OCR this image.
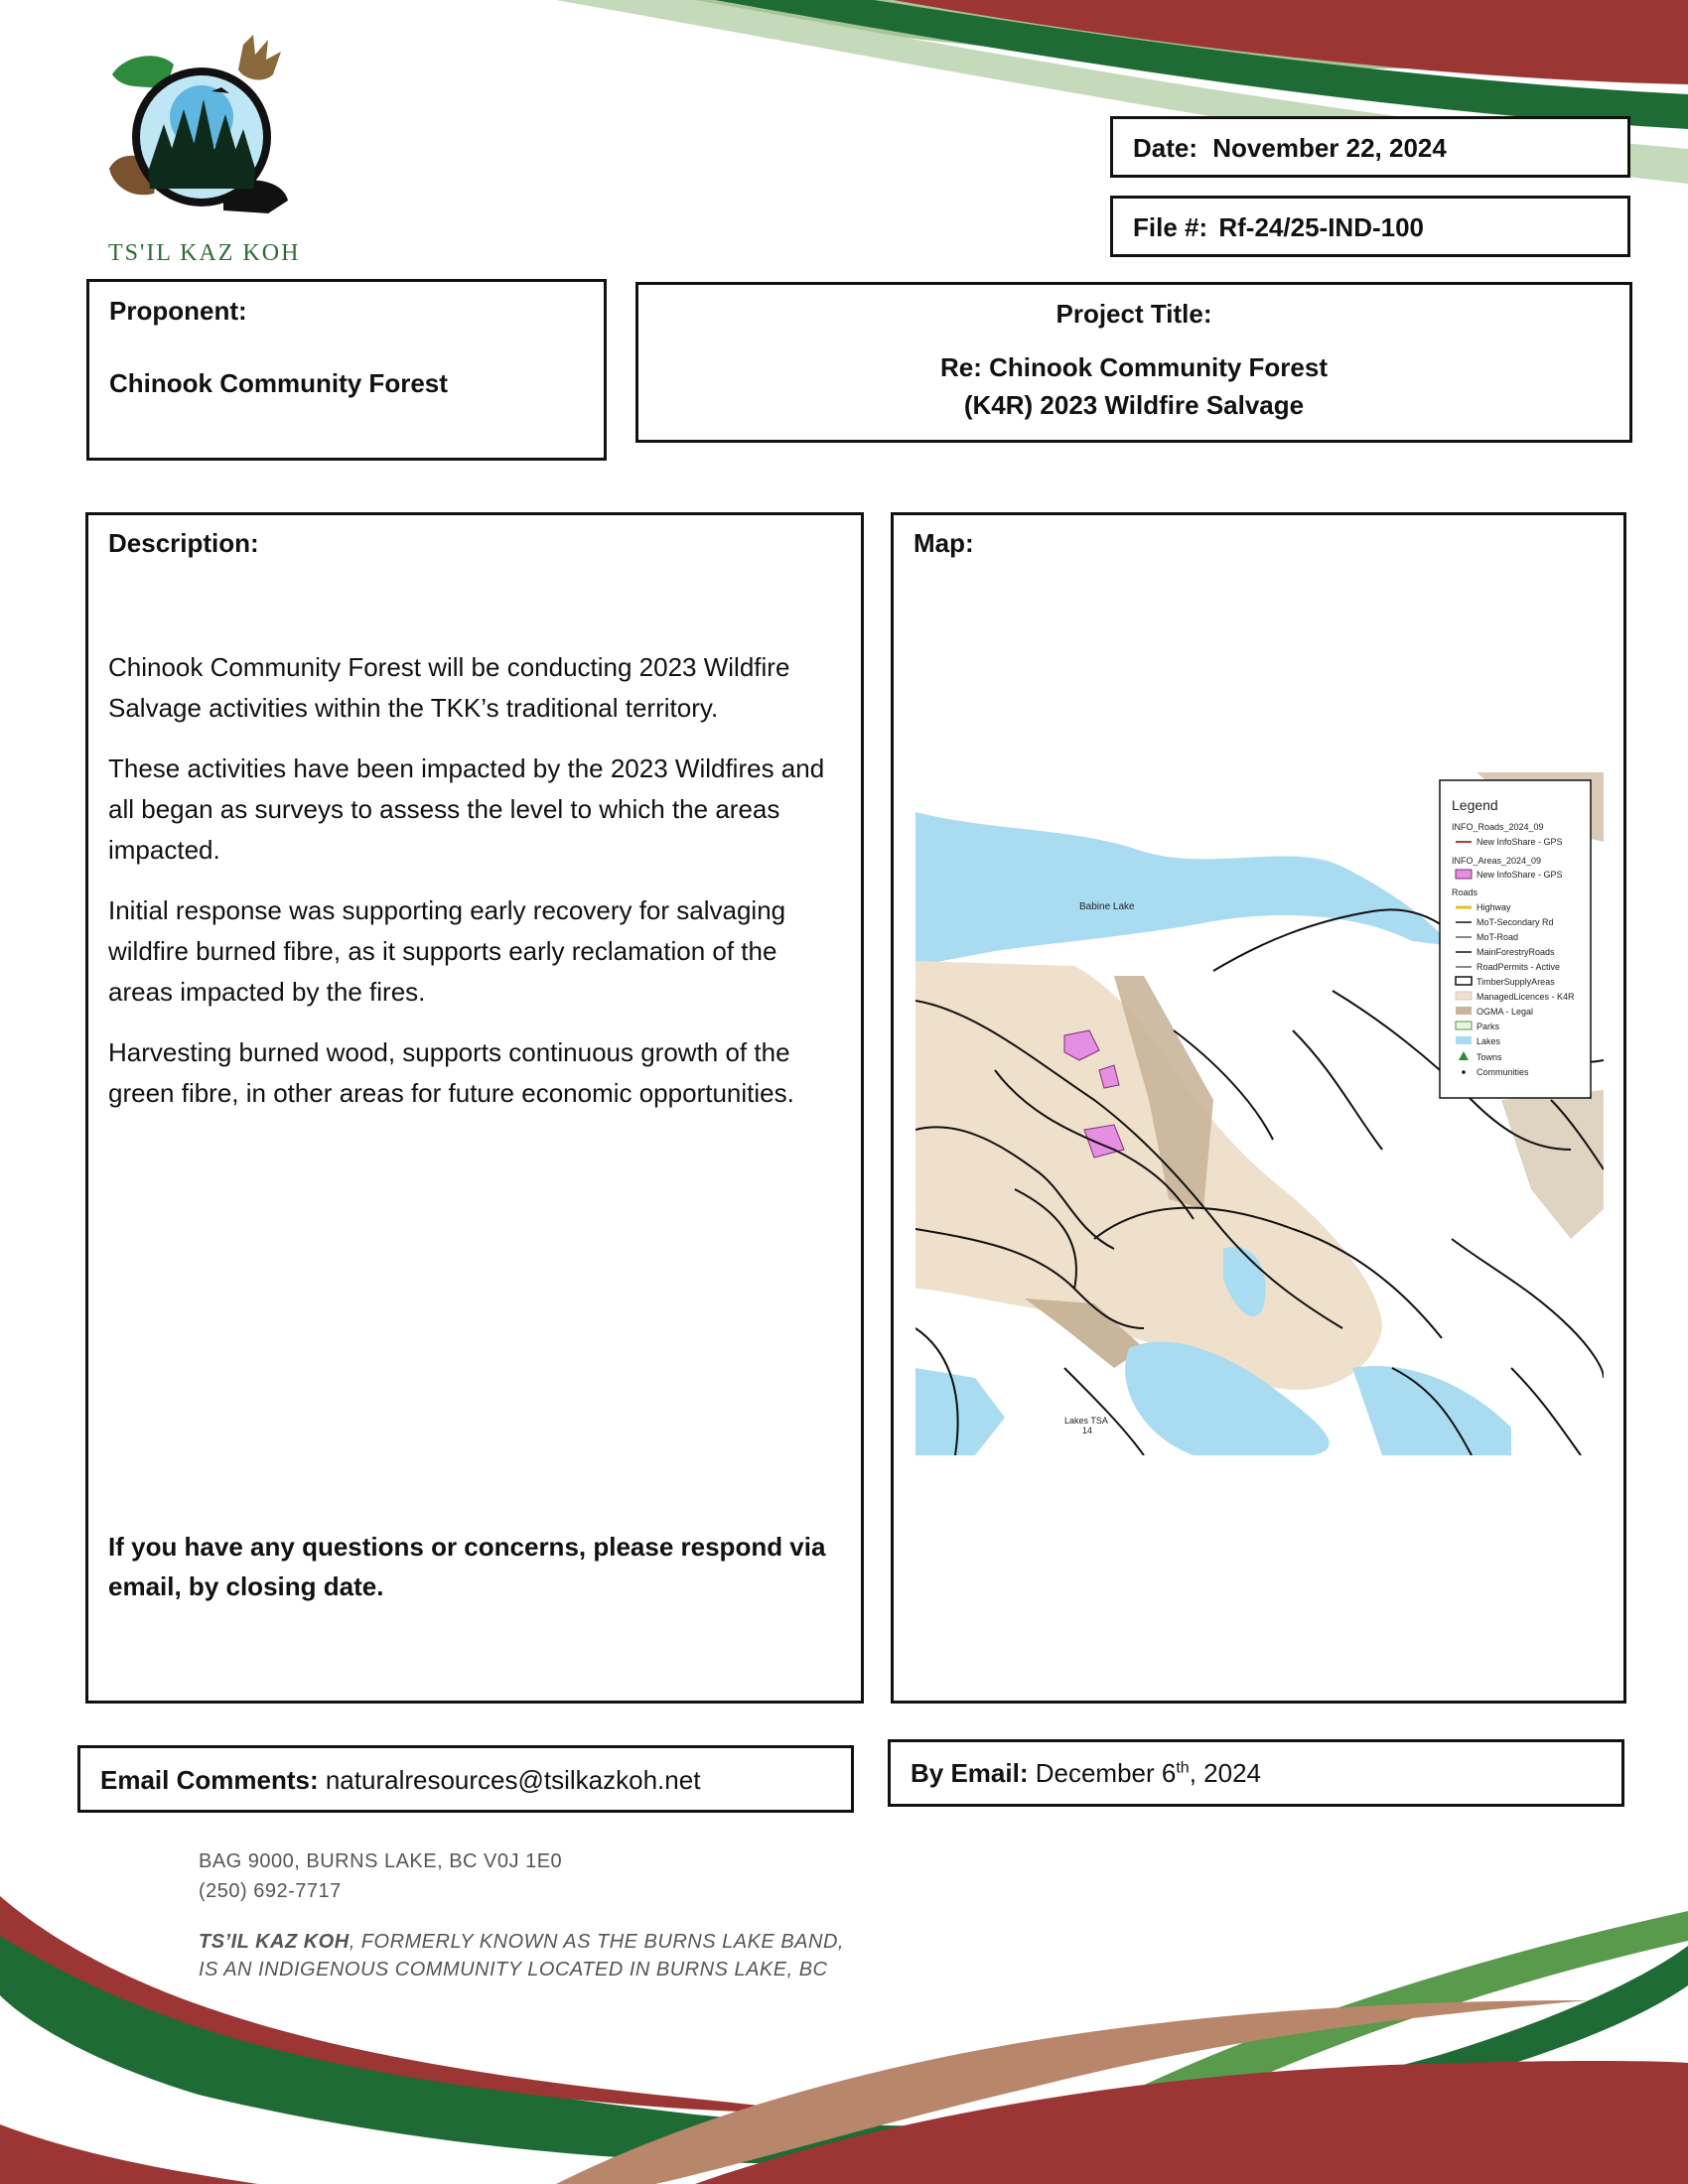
TS'IL KAZ KOH
Date: November 22, 2024
File #: Rf-24/25-IND-100
Proponent:
Chinook Community Forest
Project Title:
Re: Chinook Community Forest
(K4R) 2023 Wildfire Salvage
Description:

Chinook Community Forest will be conducting 2023 Wildfire Salvage activities within the TKK’s traditional territory.

These activities have been impacted by the 2023 Wildfires and all began as surveys to assess the level to which the areas impacted.

Initial response was supporting early recovery for salvaging wildfire burned fibre, as it supports early reclamation of the areas impacted by the fires.

Harvesting burned wood, supports continuous growth of the green fibre, in other areas for future economic opportunities.

If you have any questions or concerns, please respond via email, by closing date.
Map:
Legend
INFO_Roads_2024_09
New InfoShare - GPS
INFO_Areas_2024_09
New InfoShare - GPS
Roads
Highway
MoT-Secondary Rd
MoT-Road
MainForestryRoads
RoadPermits - Active
TimberSupplyAreas
ManagedLicences - K4R
OGMA - Legal
Parks
Lakes
Towns
Communities
Babine Lake
Lakes TSA
14
Email Comments: naturalresources@tsilkazkoh.net	By Email: December 6th, 2024
BAG 9000, BURNS LAKE, BC V0J 1E0
(250) 692-7717
TS’IL KAZ KOH, FORMERLY KNOWN AS THE BURNS LAKE BAND,
IS AN INDIGENOUS COMMUNITY LOCATED IN BURNS LAKE, BC
